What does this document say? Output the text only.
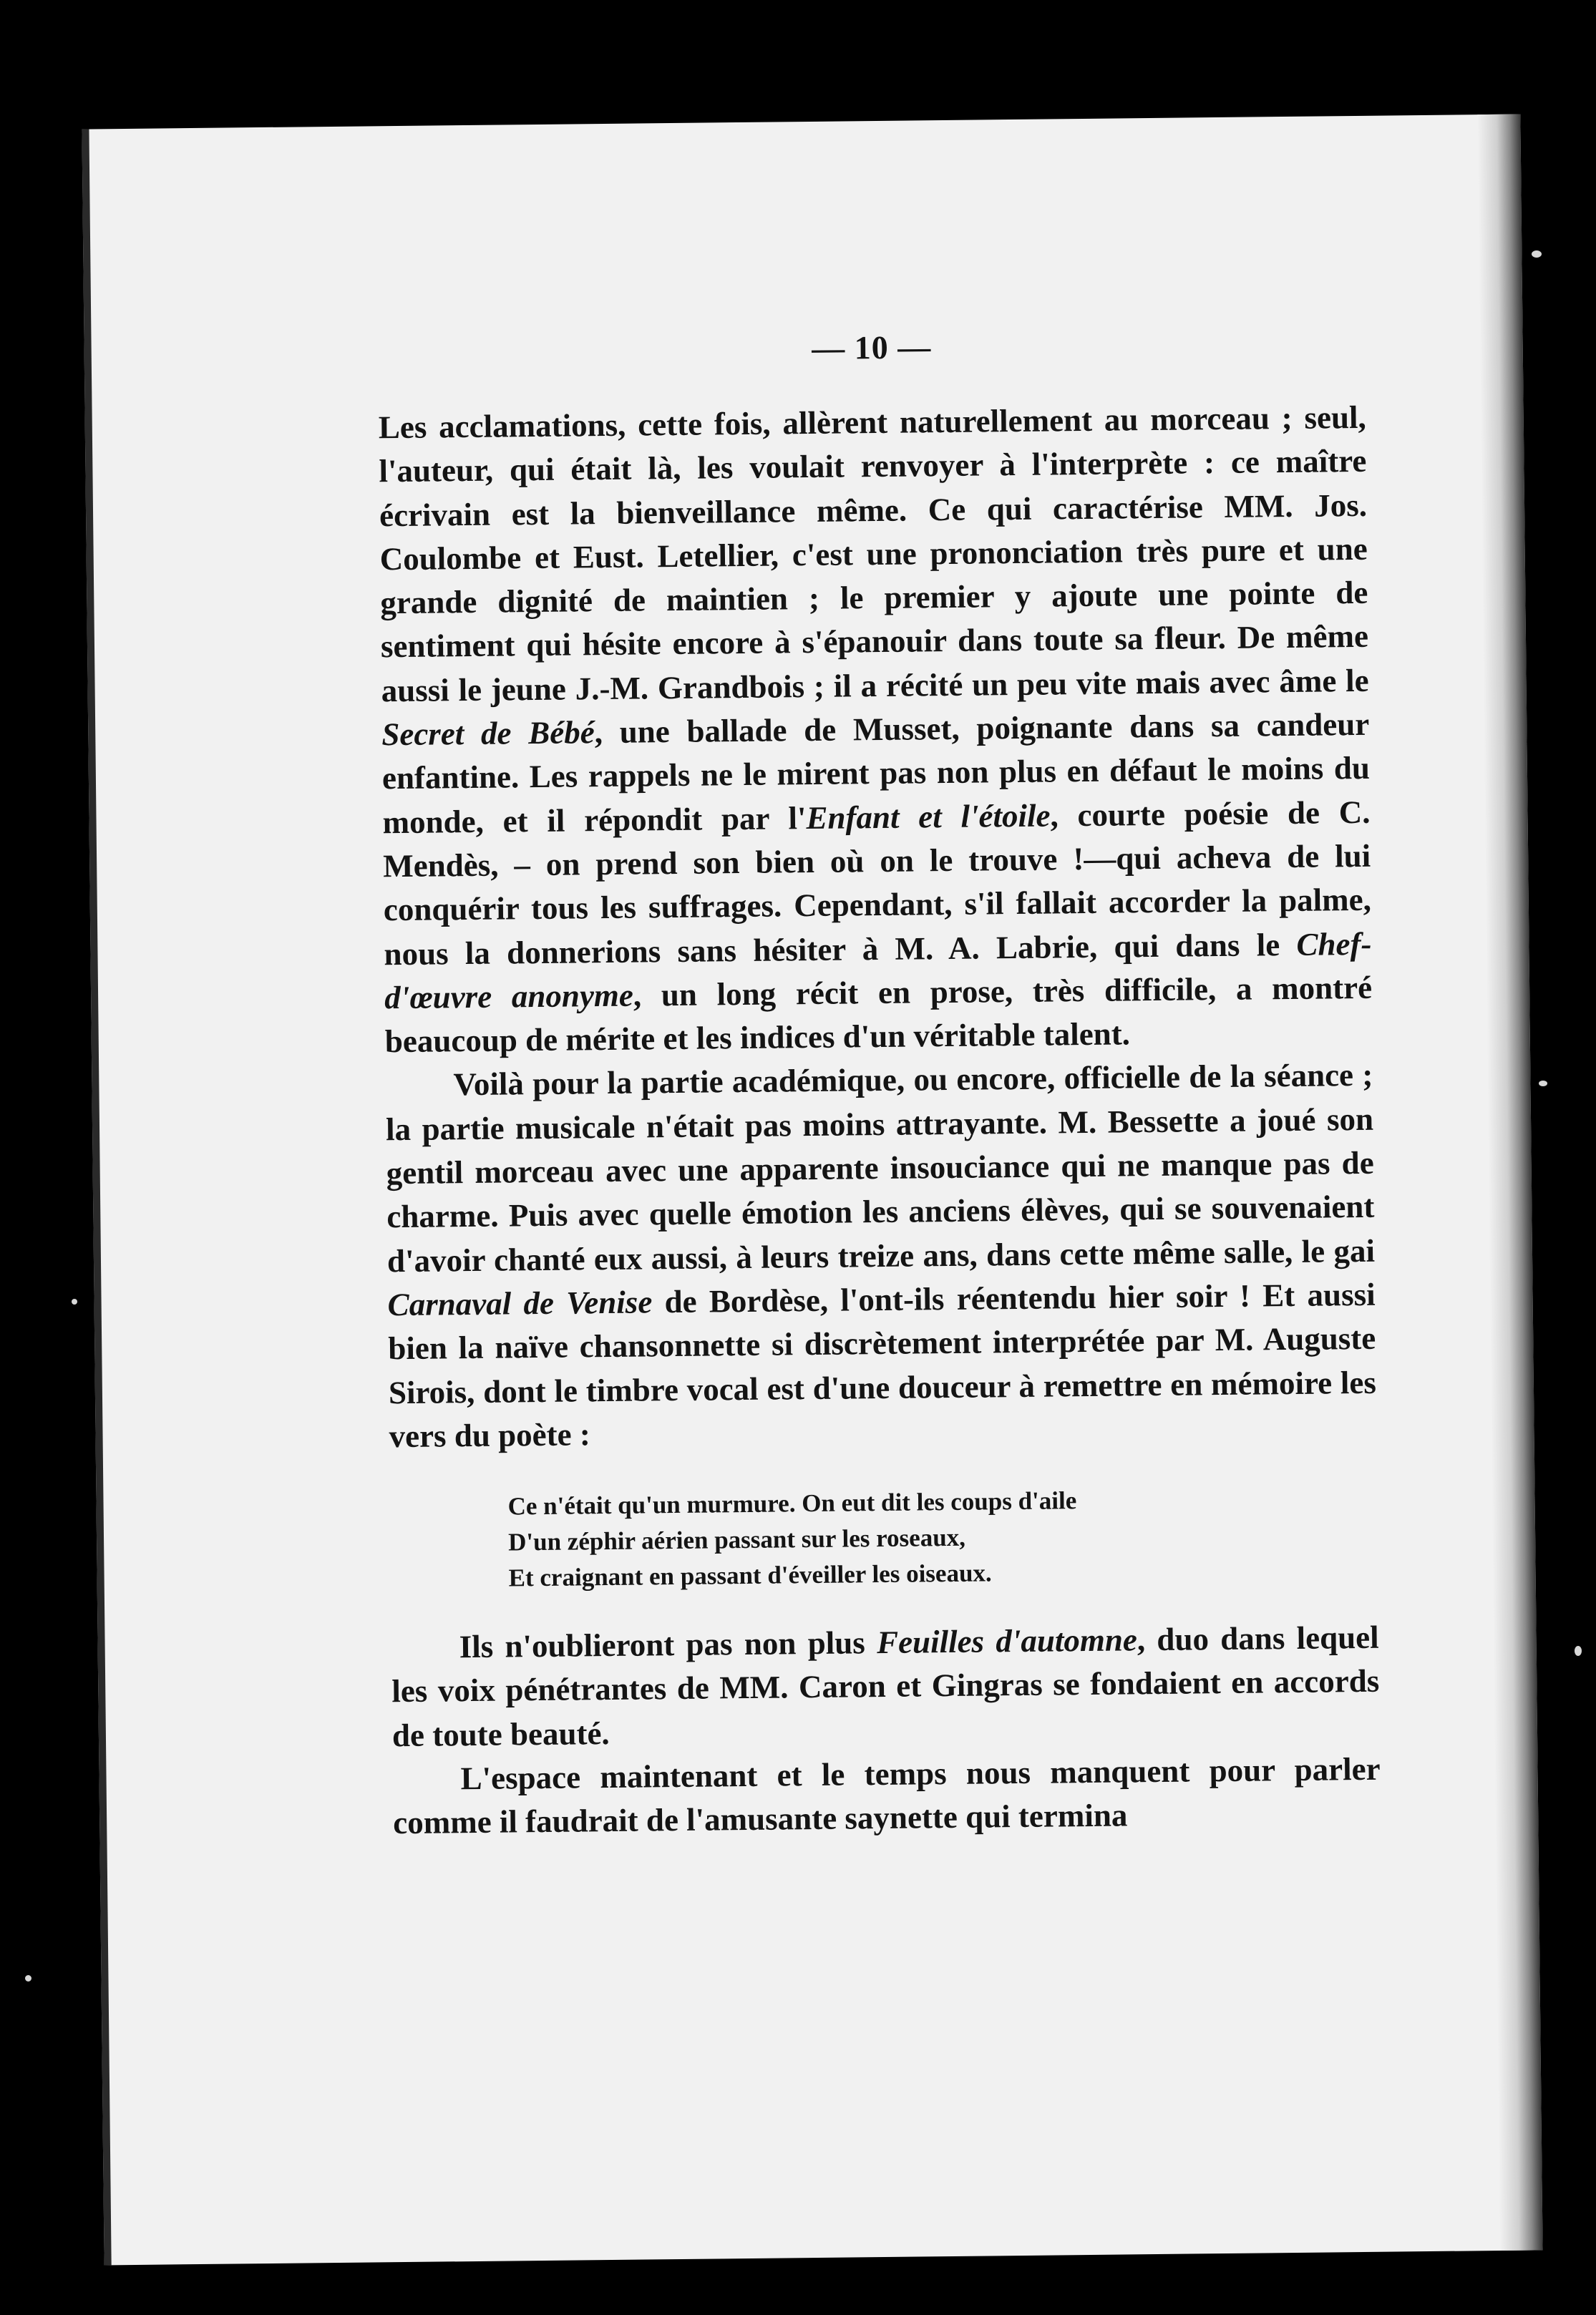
— 10 —

Les acclamations, cette fois, allèrent naturellement au morceau ; seul, l'auteur, qui était là, les voulait renvoyer à l'interprète : ce maître écrivain est la bienveillance même. Ce qui caractérise MM. Jos. Coulombe et Eust. Letellier, c'est une prononciation très pure et une grande dignité de maintien ; le premier y ajoute une pointe de sentiment qui hésite encore à s'épanouir dans toute sa fleur. De même aussi le jeune J.-M. Grandbois ; il a récité un peu vite mais avec âme le Secret de Bébé, une ballade de Musset, poignante dans sa candeur enfantine. Les rappels ne le mirent pas non plus en défaut le moins du monde, et il répondit par l'Enfant et l'étoile, courte poésie de C. Mendès, – on prend son bien où on le trouve !—qui acheva de lui conquérir tous les suffrages. Cependant, s'il fallait accorder la palme, nous la donnerions sans hésiter à M. A. Labrie, qui dans le Chef-d'œuvre anonyme, un long récit en prose, très difficile, a montré beaucoup de mérite et les indices d'un véritable talent.

Voilà pour la partie académique, ou encore, officielle de la séance ; la partie musicale n'était pas moins attrayante. M. Bessette a joué son gentil morceau avec une apparente insouciance qui ne manque pas de charme. Puis avec quelle émotion les anciens élèves, qui se souvenaient d'avoir chanté eux aussi, à leurs treize ans, dans cette même salle, le gai Carnaval de Venise de Bordèse, l'ont-ils réentendu hier soir ! Et aussi bien la naïve chansonnette si discrètement interprétée par M. Auguste Sirois, dont le timbre vocal est d'une douceur à remettre en mémoire les vers du poète :

Ce n'était qu'un murmure. On eut dit les coups d'aile
D'un zéphir aérien passant sur les roseaux,
Et craignant en passant d'éveiller les oiseaux.

Ils n'oublieront pas non plus Feuilles d'automne, duo dans lequel les voix pénétrantes de MM. Caron et Gingras se fondaient en accords de toute beauté.

L'espace maintenant et le temps nous manquent pour parler comme il faudrait de l'amusante saynette qui termina
